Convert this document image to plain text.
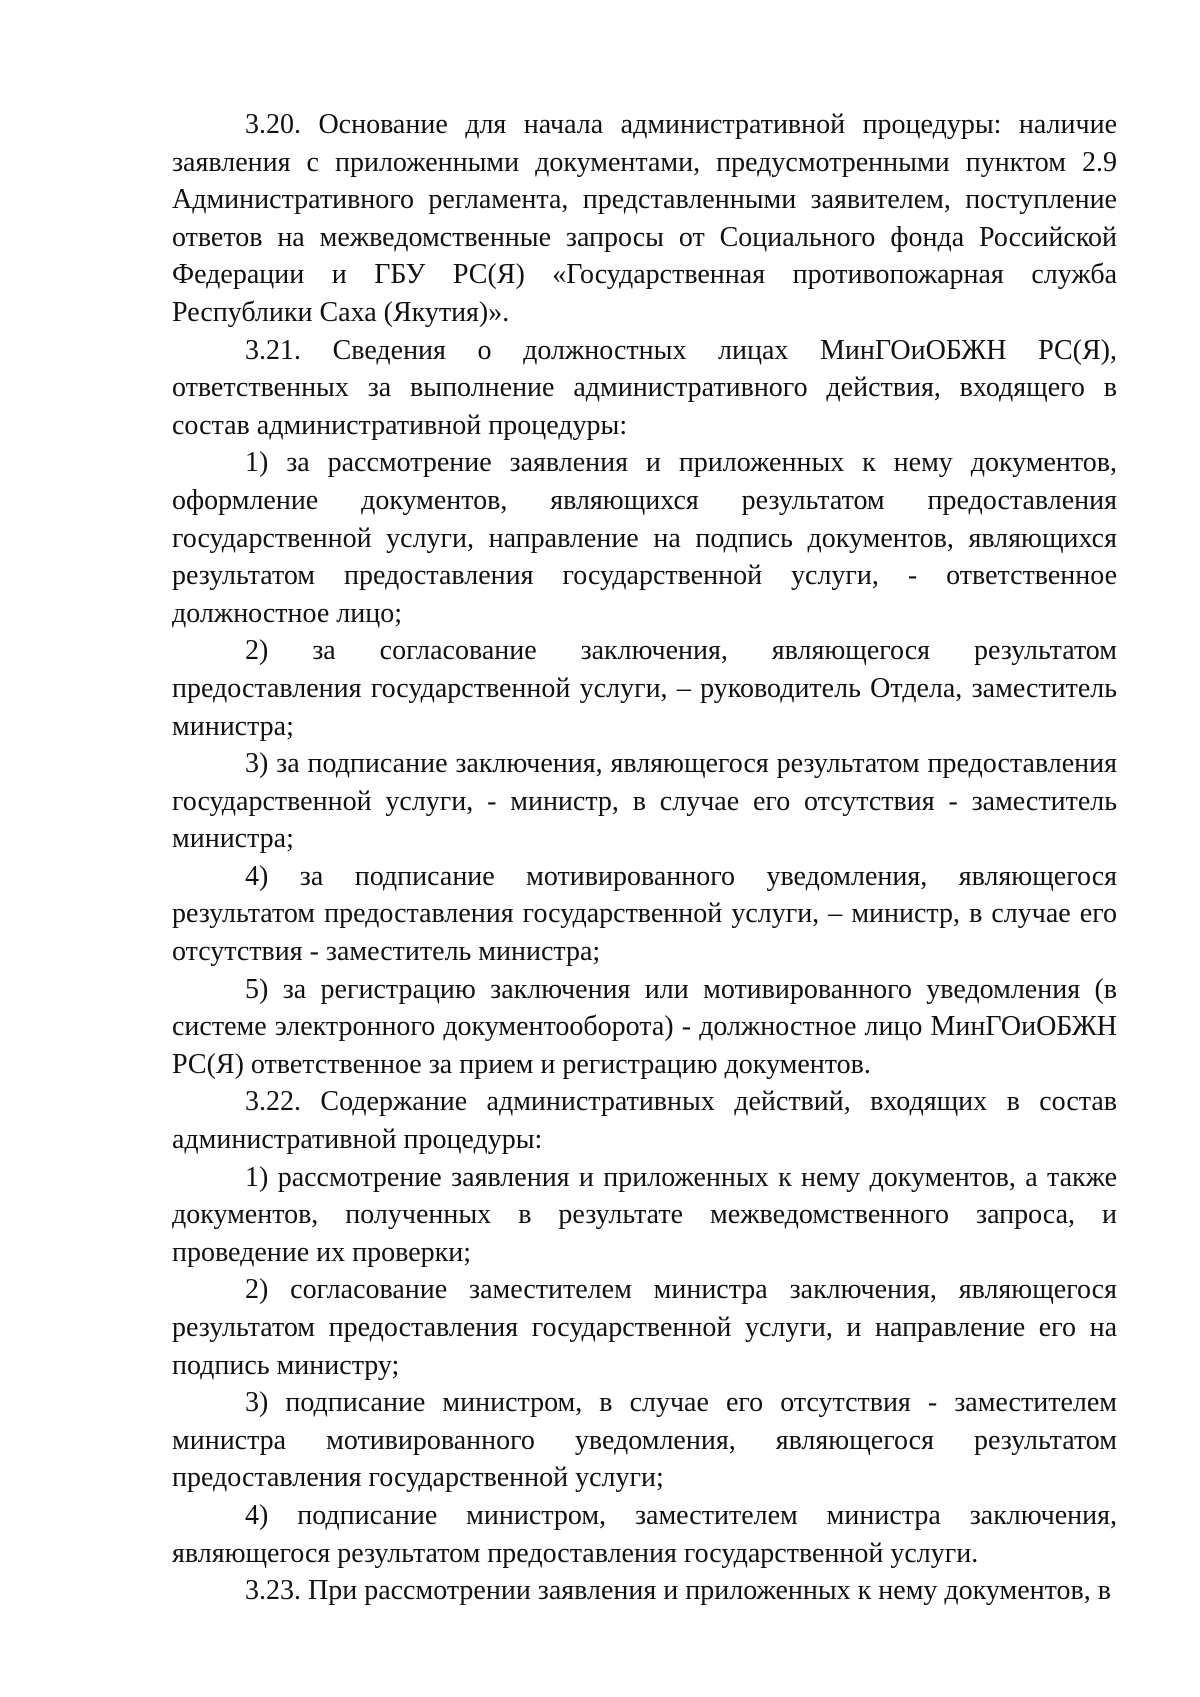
3.20. Основание для начала административной процедуры: наличие заявления с приложенными документами, предусмотренными пунктом 2.9 Административного регламента, представленными заявителем, поступление ответов на межведомственные запросы от Социального фонда Российской Федерации и ГБУ РС(Я) «Государственная противопожарная служба Республики Саха (Якутия)».

3.21. Сведения о должностных лицах МинГОиОБЖН РС(Я), ответственных за выполнение административного действия, входящего в состав административной процедуры:

1) за рассмотрение заявления и приложенных к нему документов, оформление документов, являющихся результатом предоставления государственной услуги, направление на подпись документов, являющихся результатом предоставления государственной услуги, - ответственное должностное лицо;

2) за согласование заключения, являющегося результатом предоставления государственной услуги, – руководитель Отдела, заместитель министра;

3) за подписание заключения, являющегося результатом предоставления государственной услуги, - министр, в случае его отсутствия - заместитель министра;

4) за подписание мотивированного уведомления, являющегося результатом предоставления государственной услуги, – министр, в случае его отсутствия - заместитель министра;

5) за регистрацию заключения или мотивированного уведомления (в системе электронного документооборота) - должностное лицо МинГОиОБЖН РС(Я) ответственное за прием и регистрацию документов.

3.22. Содержание административных действий, входящих в состав административной процедуры:

1) рассмотрение заявления и приложенных к нему документов, а также документов, полученных в результате межведомственного запроса, и проведение их проверки;

2) согласование заместителем министра заключения, являющегося результатом предоставления государственной услуги, и направление его на подпись министру;

3) подписание министром, в случае его отсутствия - заместителем министра мотивированного уведомления, являющегося результатом предоставления государственной услуги;

4) подписание министром, заместителем министра заключения, являющегося результатом предоставления государственной услуги.

3.23. При рассмотрении заявления и приложенных к нему документов, в
